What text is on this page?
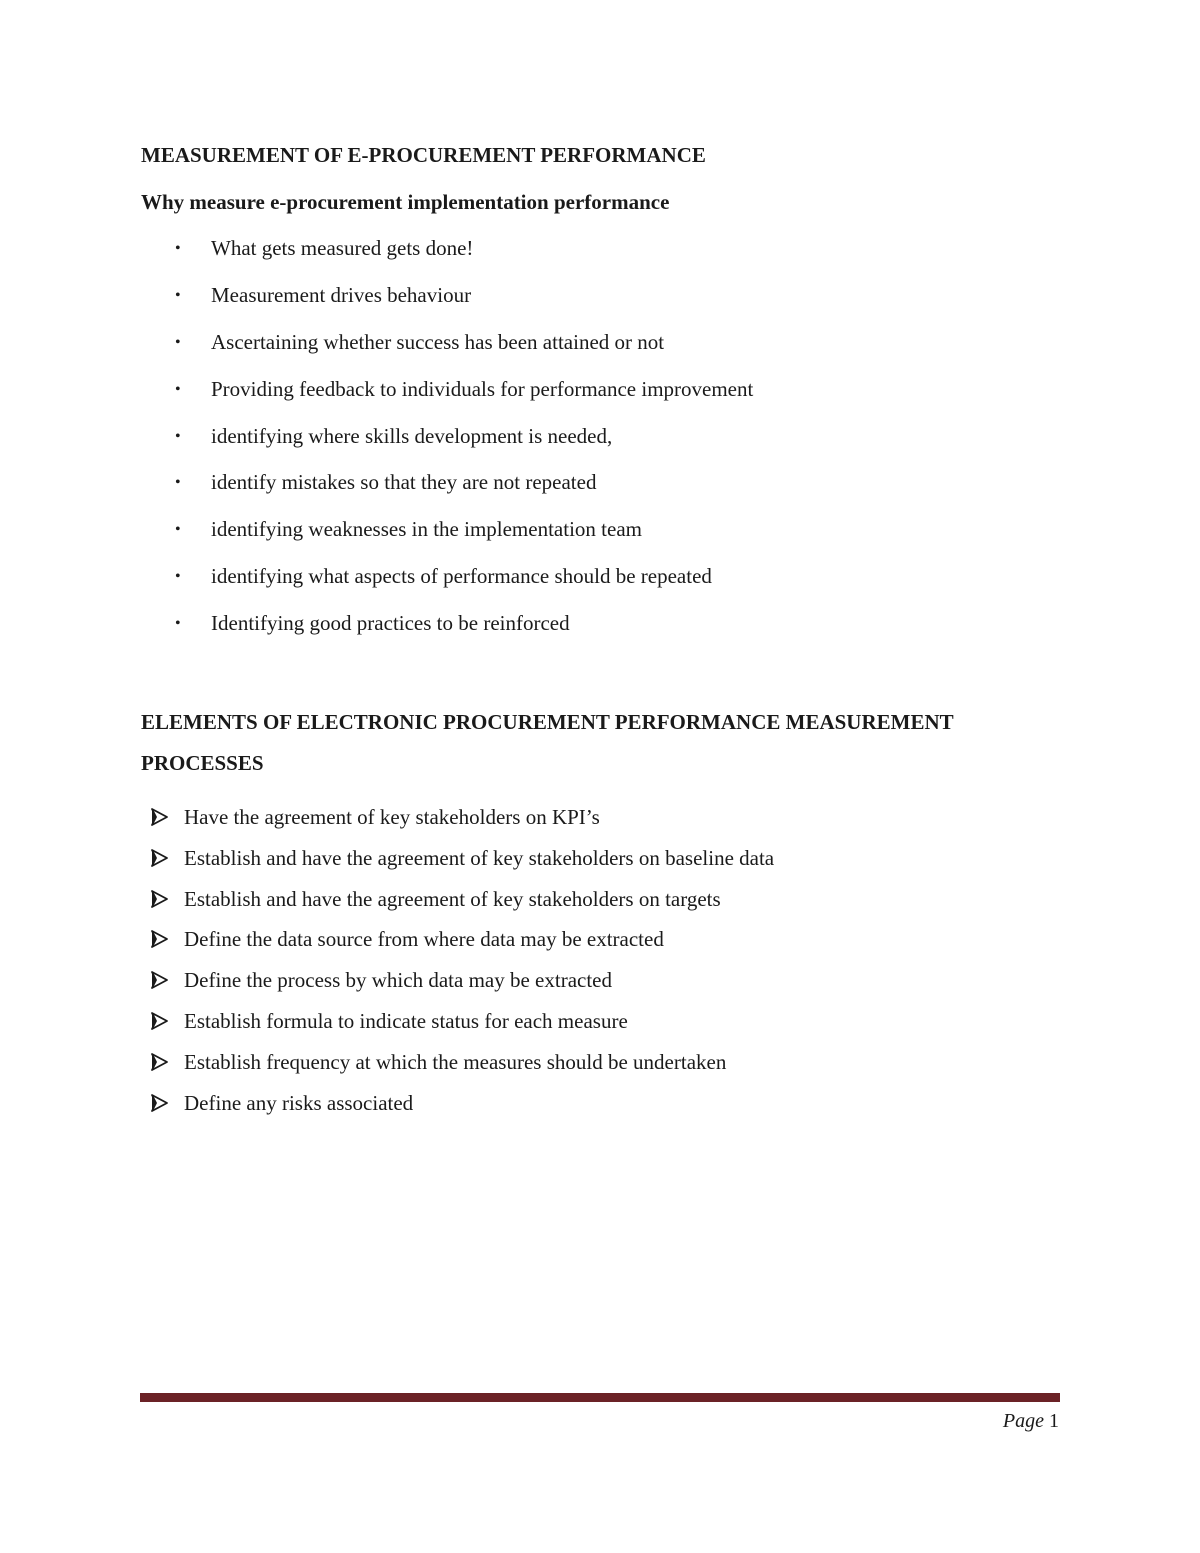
MEASUREMENT OF E-PROCUREMENT PERFORMANCE
Why measure e-procurement implementation performance
• What gets measured gets done!
• Measurement drives behaviour
• Ascertaining whether success has been attained or not
• Providing feedback to individuals for performance improvement
• identifying where skills development is needed,
• identify mistakes so that they are not repeated
• identifying weaknesses in the implementation team
• identifying what aspects of performance should be repeated
• Identifying good practices to be reinforced
ELEMENTS OF ELECTRONIC PROCUREMENT PERFORMANCE MEASUREMENT PROCESSES
Have the agreement of key stakeholders on KPI’s
Establish and have the agreement of key stakeholders on baseline data
Establish and have the agreement of key stakeholders on targets
Define the data source from where data may be extracted
Define the process by which data may be extracted
Establish formula to indicate status for each measure
Establish frequency at which the measures should be undertaken
Define any risks associated
Page 1
